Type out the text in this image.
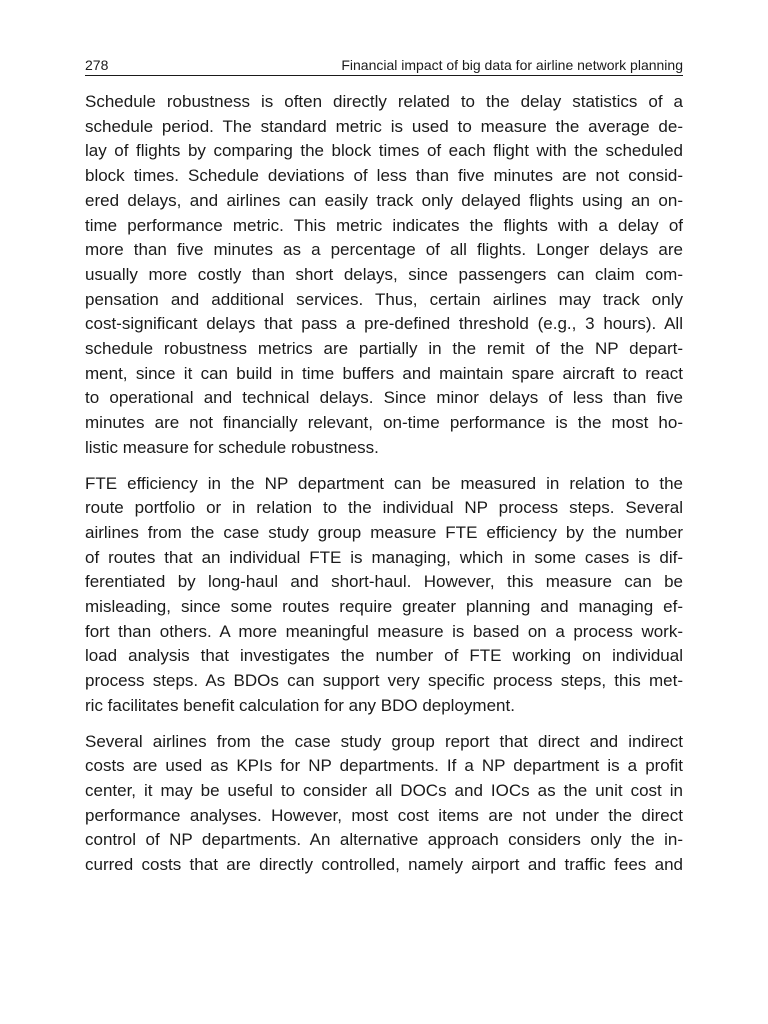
278	Financial impact of big data for airline network planning
Schedule robustness is often directly related to the delay statistics of a
schedule period. The standard metric is used to measure the average de-
lay of flights by comparing the block times of each flight with the scheduled
block times. Schedule deviations of less than five minutes are not consid-
ered delays, and airlines can easily track only delayed flights using an on-
time performance metric. This metric indicates the flights with a delay of
more than five minutes as a percentage of all flights. Longer delays are
usually more costly than short delays, since passengers can claim com-
pensation and additional services. Thus, certain airlines may track only
cost-significant delays that pass a pre-defined threshold (e.g., 3 hours). All
schedule robustness metrics are partially in the remit of the NP depart-
ment, since it can build in time buffers and maintain spare aircraft to react
to operational and technical delays. Since minor delays of less than five
minutes are not financially relevant, on-time performance is the most ho-
listic measure for schedule robustness.
FTE efficiency in the NP department can be measured in relation to the
route portfolio or in relation to the individual NP process steps. Several
airlines from the case study group measure FTE efficiency by the number
of routes that an individual FTE is managing, which in some cases is dif-
ferentiated by long-haul and short-haul. However, this measure can be
misleading, since some routes require greater planning and managing ef-
fort than others. A more meaningful measure is based on a process work-
load analysis that investigates the number of FTE working on individual
process steps. As BDOs can support very specific process steps, this met-
ric facilitates benefit calculation for any BDO deployment.
Several airlines from the case study group report that direct and indirect
costs are used as KPIs for NP departments. If a NP department is a profit
center, it may be useful to consider all DOCs and IOCs as the unit cost in
performance analyses. However, most cost items are not under the direct
control of NP departments. An alternative approach considers only the in-
curred costs that are directly controlled, namely airport and traffic fees and
